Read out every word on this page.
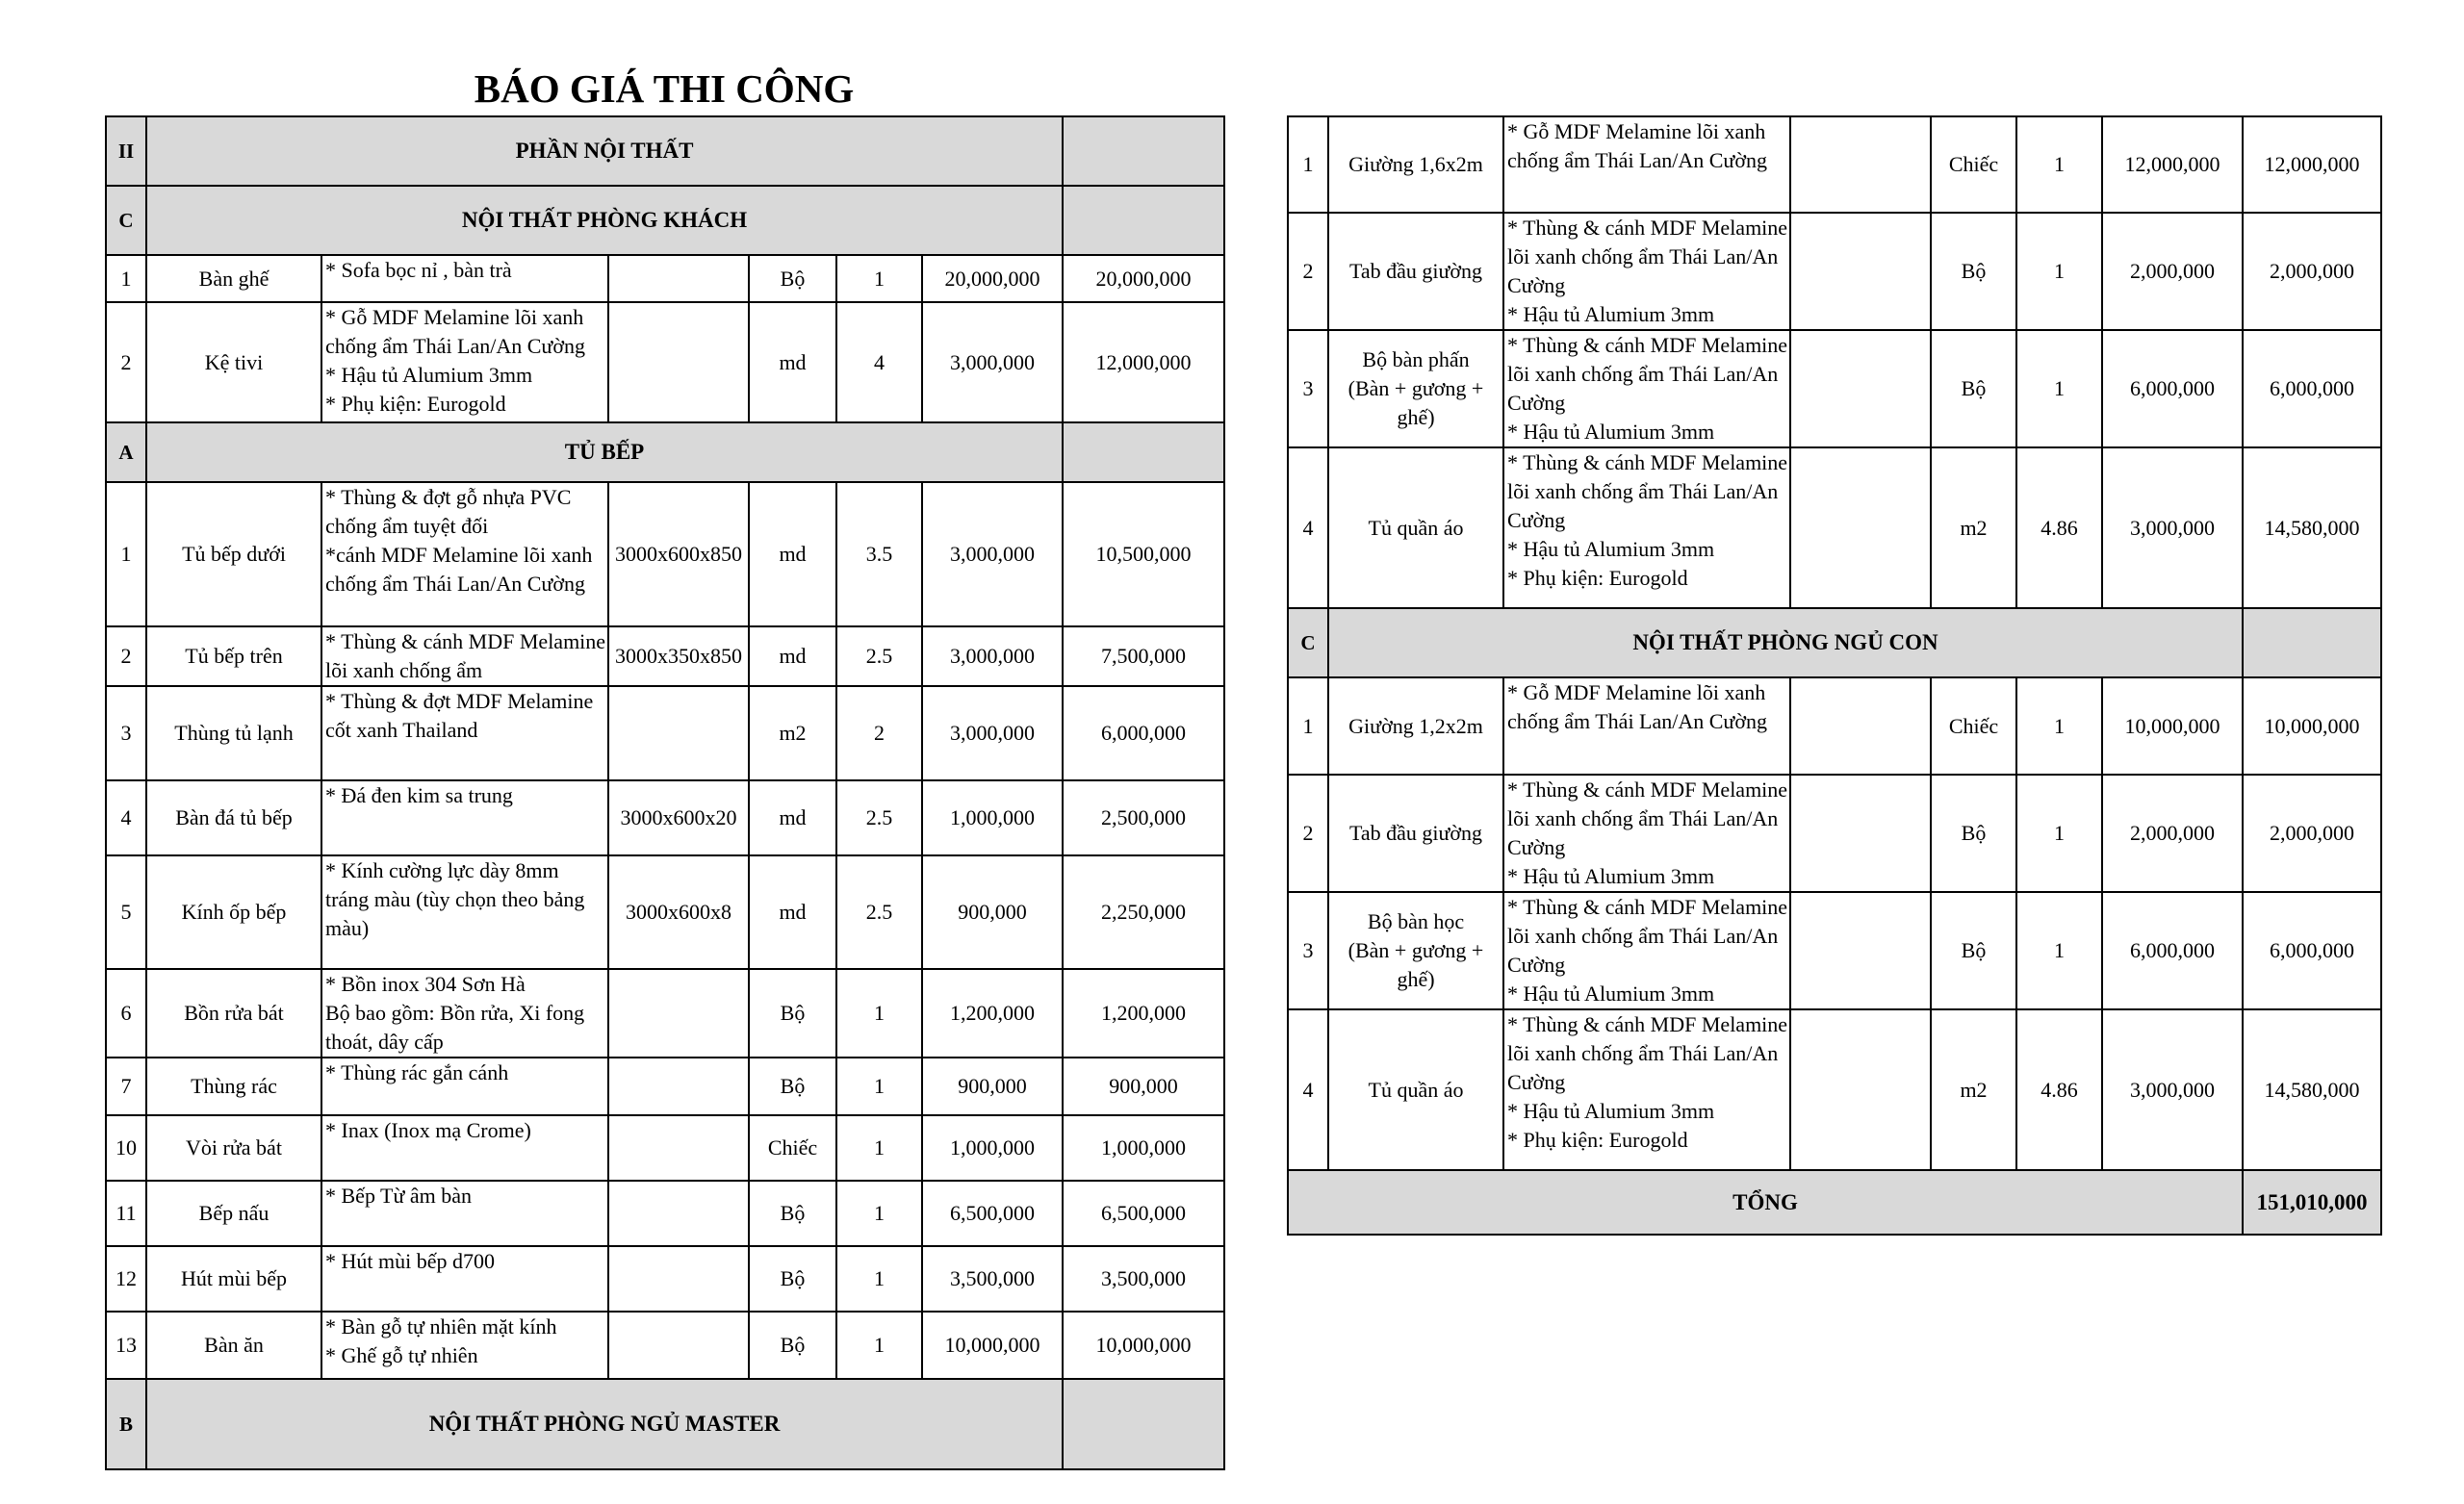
BÁO GIÁ THI CÔNG
II	PHẦN NỘI THẤT						
C	NỘI THẤT PHÒNG KHÁCH						
1	Bàn ghế	* Sofa bọc nỉ , bàn trà		Bộ	1	20,000,000	20,000,000
2	Kệ tivi	* Gỗ MDF Melamine lõi xanh chống ẩm Thái Lan/An Cường
* Hậu tủ Alumium 3mm
* Phụ kiện: Eurogold		md	4	3,000,000	12,000,000
A	TỦ BẾP						
1	Tủ bếp dưới	* Thùng & đợt gỗ nhựa PVC chống ẩm tuyệt đối
*cánh MDF Melamine lõi xanh chống ẩm Thái Lan/An Cường	3000x600x850	md	3.5	3,000,000	10,500,000
2	Tủ bếp trên	* Thùng & cánh MDF Melamine lõi xanh chống ẩm	3000x350x850	md	2.5	3,000,000	7,500,000
3	Thùng tủ lạnh	* Thùng & đợt MDF Melamine cốt xanh Thailand		m2	2	3,000,000	6,000,000
4	Bàn đá tủ bếp	* Đá đen kim sa trung	3000x600x20	md	2.5	1,000,000	2,500,000
5	Kính ốp bếp	* Kính cường lực dày 8mm tráng màu (tùy chọn theo bảng màu)	3000x600x8	md	2.5	900,000	2,250,000
6	Bồn rửa bát	* Bồn inox 304 Sơn Hà
Bộ bao gồm: Bồn rửa, Xi fong thoát, dây cấp		Bộ	1	1,200,000	1,200,000
7	Thùng rác	* Thùng rác gắn cánh		Bộ	1	900,000	900,000
10	Vòi rửa bát	* Inax (Inox mạ Crome)		Chiếc	1	1,000,000	1,000,000
11	Bếp nấu	* Bếp Từ âm bàn		Bộ	1	6,500,000	6,500,000
12	Hút mùi bếp	* Hút mùi bếp d700		Bộ	1	3,500,000	3,500,000
13	Bàn ăn	* Bàn gỗ tự nhiên mặt kính
* Ghế gỗ tự nhiên		Bộ	1	10,000,000	10,000,000
B	NỘI THẤT PHÒNG NGỦ MASTER						
1	Giường 1,6x2m	* Gỗ MDF Melamine lõi xanh chống ẩm Thái Lan/An Cường		Chiếc	1	12,000,000	12,000,000
2	Tab đầu giường	* Thùng & cánh MDF Melamine lõi xanh chống ẩm Thái Lan/An Cường
* Hậu tủ Alumium 3mm		Bộ	1	2,000,000	2,000,000
3	Bộ bàn phấn
(Bàn + gương + ghế)	* Thùng & cánh MDF Melamine lõi xanh chống ẩm Thái Lan/An Cường
* Hậu tủ Alumium 3mm		Bộ	1	6,000,000	6,000,000
4	Tủ quần áo	* Thùng & cánh MDF Melamine lõi xanh chống ẩm Thái Lan/An Cường
* Hậu tủ Alumium 3mm
* Phụ kiện: Eurogold		m2	4.86	3,000,000	14,580,000
C	NỘI THẤT PHÒNG NGỦ CON						
1	Giường 1,2x2m	* Gỗ MDF Melamine lõi xanh chống ẩm Thái Lan/An Cường		Chiếc	1	10,000,000	10,000,000
2	Tab đầu giường	* Thùng & cánh MDF Melamine lõi xanh chống ẩm Thái Lan/An Cường
* Hậu tủ Alumium 3mm		Bộ	1	2,000,000	2,000,000
3	Bộ bàn học
(Bàn + gương + ghế)	* Thùng & cánh MDF Melamine lõi xanh chống ẩm Thái Lan/An Cường
* Hậu tủ Alumium 3mm		Bộ	1	6,000,000	6,000,000
4	Tủ quần áo	* Thùng & cánh MDF Melamine lõi xanh chống ẩm Thái Lan/An Cường
* Hậu tủ Alumium 3mm
* Phụ kiện: Eurogold		m2	4.86	3,000,000	14,580,000
TỔNG							151,010,000
